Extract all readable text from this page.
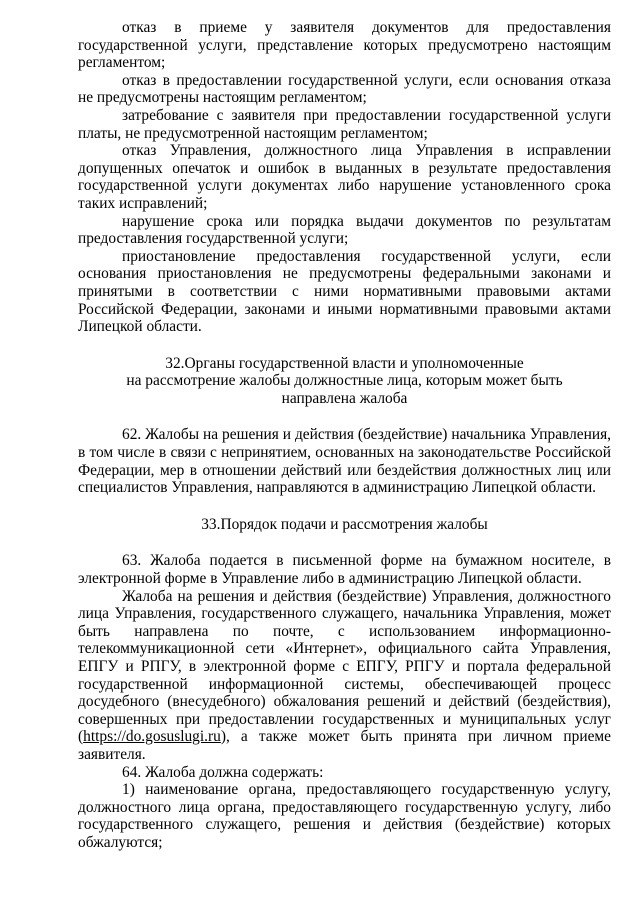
отказ в приеме у заявителя документов для предоставления государственной услуги, представление которых предусмотрено настоящим регламентом;

отказ в предоставлении государственной услуги, если основания отказа не предусмотрены настоящим регламентом;

затребование с заявителя при предоставлении государственной услуги платы, не предусмотренной настоящим регламентом;

отказ Управления, должностного лица Управления в исправлении допущенных опечаток и ошибок в выданных в результате предоставления государственной услуги документах либо нарушение установленного срока таких исправлений;

нарушение срока или порядка выдачи документов по результатам предоставления государственной услуги;

приостановление предоставления государственной услуги, если основания приостановления не предусмотрены федеральными законами и принятыми в соответствии с ними нормативными правовыми актами Российской Федерации, законами и иными нормативными правовыми актами Липецкой области.

32.Органы государственной власти и уполномоченные

на рассмотрение жалобы должностные лица, которым может быть

направлена жалоба

62. Жалобы на решения и действия (бездействие) начальника Управления, в том числе в связи с непринятием, основанных на законодательстве Российской Федерации, мер в отношении действий или бездействия должностных лиц или специалистов Управления, направляются в администрацию Липецкой области.

33.Порядок подачи и рассмотрения жалобы

63. Жалоба подается в письменной форме на бумажном носителе, в электронной форме в Управление либо в администрацию Липецкой области.

Жалоба на решения и действия (бездействие) Управления, должностного лица Управления, государственного служащего, начальника Управления, может быть направлена по почте, с использованием информационно-телекоммуникационной сети «Интернет», официального сайта Управления, ЕПГУ и РПГУ, в электронной форме с ЕПГУ, РПГУ и портала федеральной государственной информационной системы, обеспечивающей процесс досудебного (внесудебного) обжалования решений и действий (бездействия), совершенных при предоставлении государственных и муниципальных услуг (https://do.gosuslugi.ru), а также может быть принята при личном приеме заявителя.

64. Жалоба должна содержать:

1) наименование органа, предоставляющего государственную услугу, должностного лица органа, предоставляющего государственную услугу, либо государственного служащего, решения и действия (бездействие) которых обжалуются;
